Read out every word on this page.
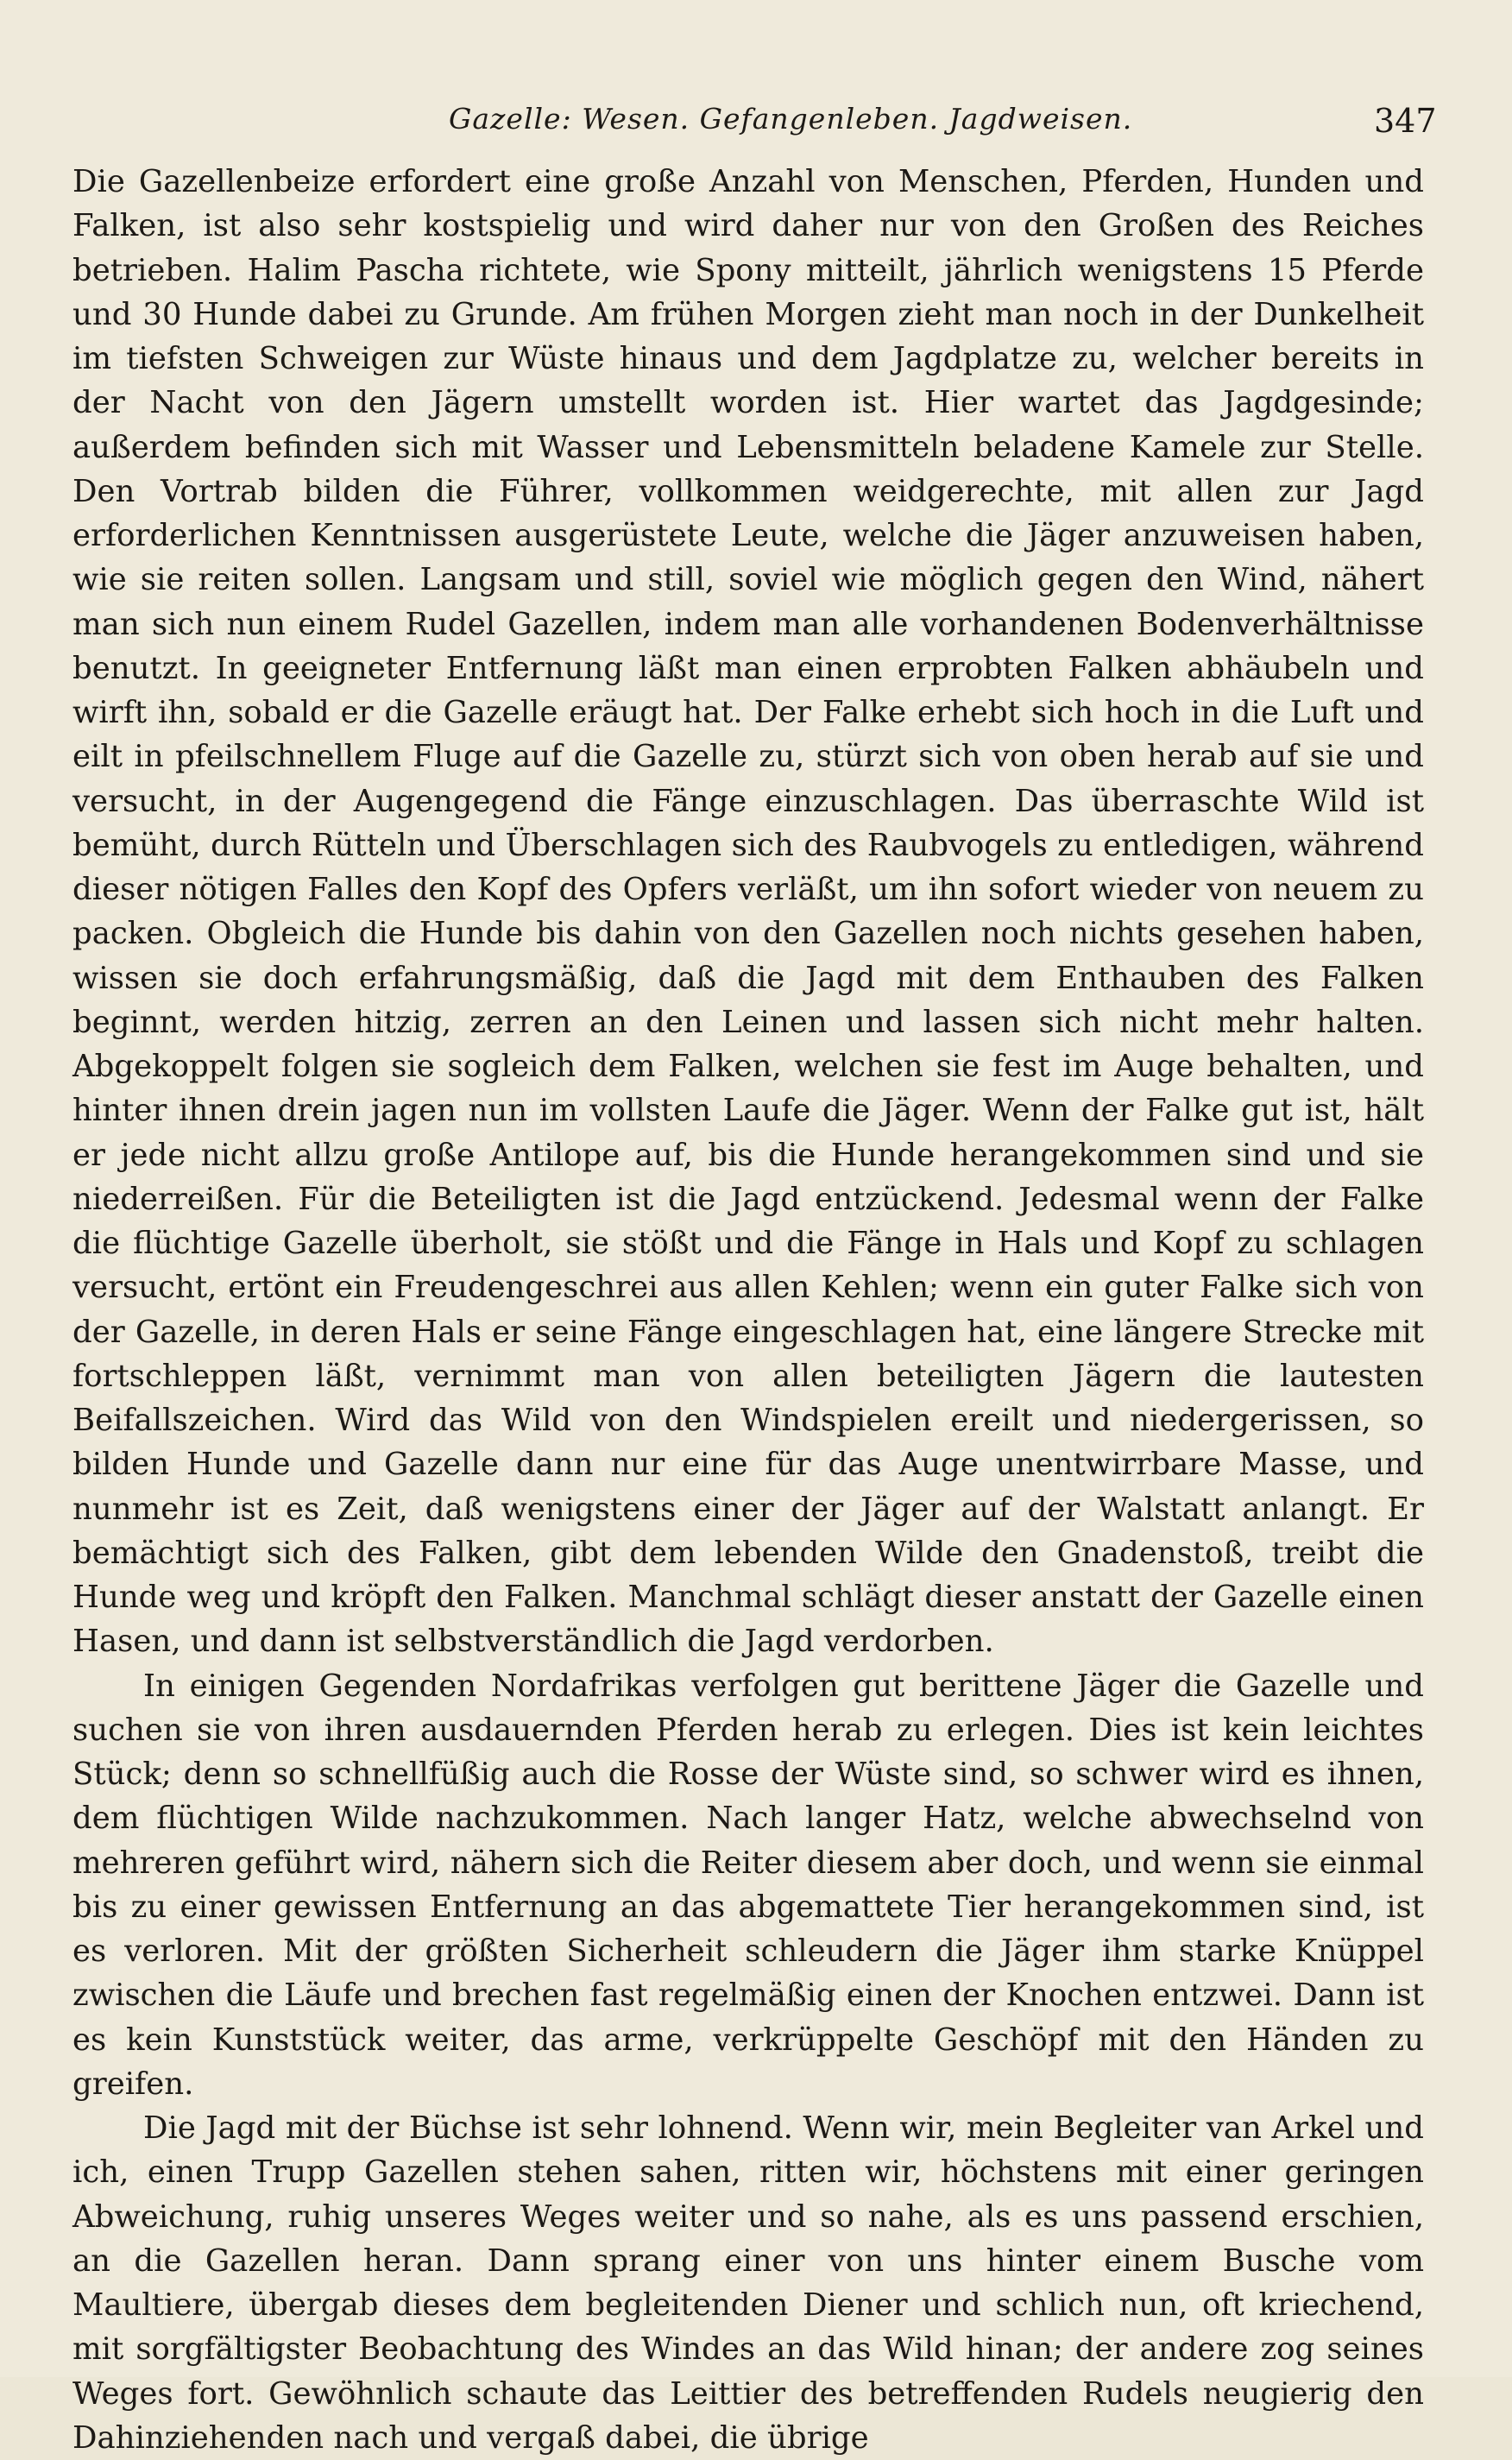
Gazelle: Wesen. Gefangenleben. Jagdweisen.	347

Die Gazellenbeize erfordert eine große Anzahl von Menschen, Pferden, Hunden und Falken, ist also sehr kostspielig und wird daher nur von den Großen des Reiches betrieben. Halim Pascha richtete, wie Spony mitteilt, jährlich wenigstens 15 Pferde und 30 Hunde dabei zu Grunde. Am frühen Morgen zieht man noch in der Dunkelheit im tiefsten Schweigen zur Wüste hinaus und dem Jagdplatze zu, welcher bereits in der Nacht von den Jägern umstellt worden ist. Hier wartet das Jagdgesinde; außerdem befinden sich mit Wasser und Lebensmitteln beladene Kamele zur Stelle. Den Vortrab bilden die Führer, vollkommen weidgerechte, mit allen zur Jagd erforderlichen Kenntnissen ausgerüstete Leute, welche die Jäger anzuweisen haben, wie sie reiten sollen. Langsam und still, soviel wie möglich gegen den Wind, nähert man sich nun einem Rudel Gazellen, indem man alle vorhandenen Bodenverhältnisse benutzt. In geeigneter Entfernung läßt man einen erprobten Falken abhäubeln und wirft ihn, sobald er die Gazelle eräugt hat. Der Falke erhebt sich hoch in die Luft und eilt in pfeilschnellem Fluge auf die Gazelle zu, stürzt sich von oben herab auf sie und versucht, in der Augengegend die Fänge einzuschlagen. Das überraschte Wild ist bemüht, durch Rütteln und Überschlagen sich des Raubvogels zu entledigen, während dieser nötigen Falles den Kopf des Opfers verläßt, um ihn sofort wieder von neuem zu packen. Obgleich die Hunde bis dahin von den Gazellen noch nichts gesehen haben, wissen sie doch erfahrungsmäßig, daß die Jagd mit dem Enthauben des Falken beginnt, werden hitzig, zerren an den Leinen und lassen sich nicht mehr halten. Abgekoppelt folgen sie sogleich dem Falken, welchen sie fest im Auge behalten, und hinter ihnen drein jagen nun im vollsten Laufe die Jäger. Wenn der Falke gut ist, hält er jede nicht allzu große Antilope auf, bis die Hunde herangekommen sind und sie niederreißen. Für die Beteiligten ist die Jagd entzückend. Jedesmal wenn der Falke die flüchtige Gazelle überholt, sie stößt und die Fänge in Hals und Kopf zu schlagen versucht, ertönt ein Freudengeschrei aus allen Kehlen; wenn ein guter Falke sich von der Gazelle, in deren Hals er seine Fänge eingeschlagen hat, eine längere Strecke mit fortschleppen läßt, vernimmt man von allen beteiligten Jägern die lautesten Beifallszeichen. Wird das Wild von den Windspielen ereilt und niedergerissen, so bilden Hunde und Gazelle dann nur eine für das Auge unentwirrbare Masse, und nunmehr ist es Zeit, daß wenigstens einer der Jäger auf der Walstatt anlangt. Er bemächtigt sich des Falken, gibt dem lebenden Wilde den Gnadenstoß, treibt die Hunde weg und kröpft den Falken. Manchmal schlägt dieser anstatt der Gazelle einen Hasen, und dann ist selbstverständlich die Jagd verdorben.

In einigen Gegenden Nordafrikas verfolgen gut berittene Jäger die Gazelle und suchen sie von ihren ausdauernden Pferden herab zu erlegen. Dies ist kein leichtes Stück; denn so schnellfüßig auch die Rosse der Wüste sind, so schwer wird es ihnen, dem flüchtigen Wilde nachzukommen. Nach langer Hatz, welche abwechselnd von mehreren geführt wird, nähern sich die Reiter diesem aber doch, und wenn sie einmal bis zu einer gewissen Entfernung an das abgemattete Tier herangekommen sind, ist es verloren. Mit der größten Sicherheit schleudern die Jäger ihm starke Knüppel zwischen die Läufe und brechen fast regelmäßig einen der Knochen entzwei. Dann ist es kein Kunststück weiter, das arme, verkrüppelte Geschöpf mit den Händen zu greifen.

Die Jagd mit der Büchse ist sehr lohnend. Wenn wir, mein Begleiter van Arkel und ich, einen Trupp Gazellen stehen sahen, ritten wir, höchstens mit einer geringen Abweichung, ruhig unseres Weges weiter und so nahe, als es uns passend erschien, an die Gazellen heran. Dann sprang einer von uns hinter einem Busche vom Maultiere, übergab dieses dem begleitenden Diener und schlich nun, oft kriechend, mit sorgfältigster Beobachtung des Windes an das Wild hinan; der andere zog seines Weges fort. Gewöhnlich schaute das Leittier des betreffenden Rudels neugierig den Dahinziehenden nach und vergaß dabei, die übrige
